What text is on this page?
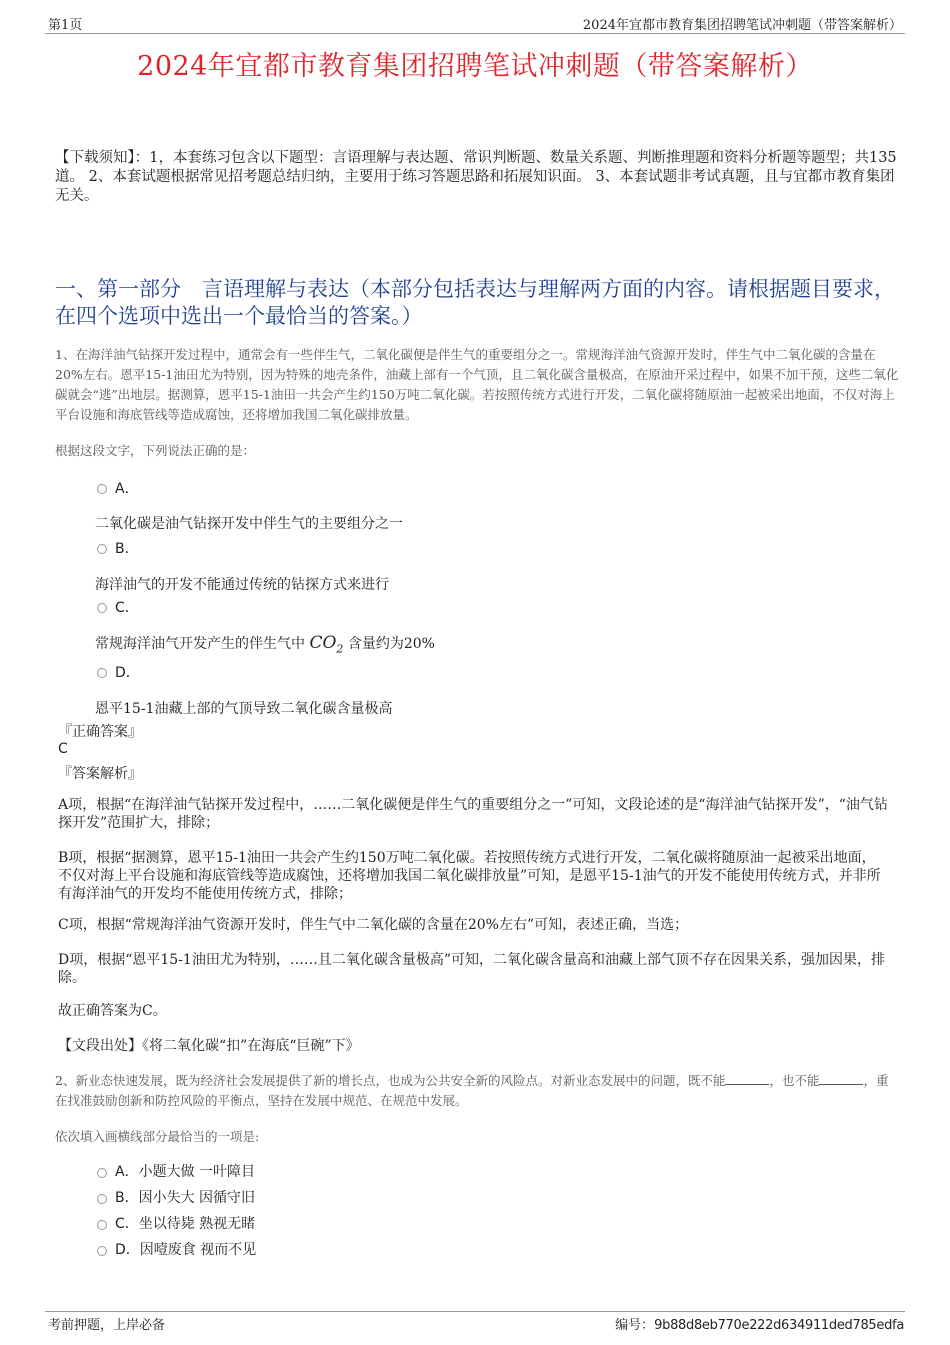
第1页	2024年宜都市教育集团招聘笔试冲刺题（带答案解析）
2024年宜都市教育集团招聘笔试冲刺题（带答案解析）
【下载须知】：1，本套练习包含以下题型：言语理解与表达题、常识判断题、数量关系题、判断推理题和资料分析题等题型；共135道。 2、本套试题根据常见招考题总结归纳，主要用于练习答题思路和拓展知识面。 3、本套试题非考试真题，且与宜都市教育集团无关。
一、第一部分　言语理解与表达（本部分包括表达与理解两方面的内容。请根据题目要求，在四个选项中选出一个最恰当的答案。）
1、在海洋油气钻探开发过程中，通常会有一些伴生气，二氧化碳便是伴生气的重要组分之一。常规海洋油气资源开发时，伴生气中二氧化碳的含量在20%左右。恩平15-1油田尤为特别，因为特殊的地壳条件，油藏上部有一个气顶，且二氧化碳含量极高，在原油开采过程中，如果不加干预，这些二氧化碳就会“逃”出地层。据测算，恩平15-1油田一共会产生约150万吨二氧化碳。若按照传统方式进行开发，二氧化碳将随原油一起被采出地面，不仅对海上平台设施和海底管线等造成腐蚀，还将增加我国二氧化碳排放量。
根据这段文字，下列说法正确的是：
A．
二氧化碳是油气钻探开发中伴生气的主要组分之一
B．
海洋油气的开发不能通过传统的钻探方式来进行
C．
常规海洋油气开发产生的伴生气中 $CO_2$ 含量约为20%
D．
恩平15-1油藏上部的气顶导致二氧化碳含量极高
『正确答案』
C
『答案解析』
A项，根据“在海洋油气钻探开发过程中，……二氧化碳便是伴生气的重要组分之一”可知，文段论述的是“海洋油气钻探开发”，“油气钻探开发”范围扩大，排除；
B项，根据“据测算，恩平15-1油田一共会产生约150万吨二氧化碳。若按照传统方式进行开发，二氧化碳将随原油一起被采出地面，不仅对海上平台设施和海底管线等造成腐蚀，还将增加我国二氧化碳排放量”可知，是恩平15-1油气的开发不能使用传统方式，并非所有海洋油气的开发均不能使用传统方式，排除；
C项，根据“常规海洋油气资源开发时，伴生气中二氧化碳的含量在20%左右”可知，表述正确，当选；
D项，根据“恩平15-1油田尤为特别，……且二氧化碳含量极高”可知，二氧化碳含量高和油藏上部气顶不存在因果关系，强加因果，排除。
故正确答案为C。
【文段出处】《将二氧化碳“扣”在海底“巨碗”下》
2、新业态快速发展，既为经济社会发展提供了新的增长点，也成为公共安全新的风险点。对新业态发展中的问题，既不能	，也不能	，重在找准鼓励创新和防控风险的平衡点，坚持在发展中规范、在规范中发展。
依次填入画横线部分最恰当的一项是:
A．小题大做 一叶障目
B．因小失大 因循守旧
C．坐以待毙 熟视无睹
D．因噎废食 视而不见
考前押题，上岸必备	编号：9b88d8eb770e222d634911ded785edfa
